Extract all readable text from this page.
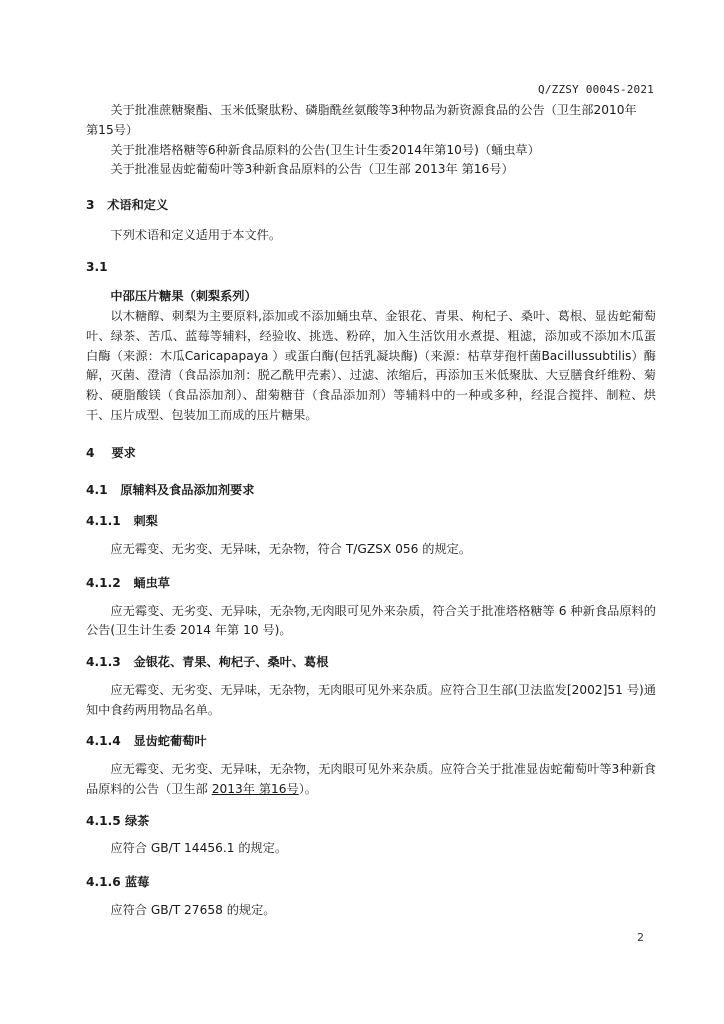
Q/ZZSY 0004S-2021

关于批准蔗糖聚酯、玉米低聚肽粉、磷脂酰丝氨酸等3种物品为新资源食品的公告（卫生部2010年

第15号）

关于批准塔格糖等6种新食品原料的公告(卫生计生委2014年第10号)（蛹虫草）

关于批准显齿蛇葡萄叶等3种新食品原料的公告（卫生部 2013年 第16号）

3 术语和定义

下列术语和定义适用于本文件。

3.1

中邵压片糖果（刺梨系列）

以木糖醇、刺梨为主要原料,添加或不添加蛹虫草、金银花、青果、枸杞子、桑叶、葛根、显齿蛇葡萄叶、绿茶、苦瓜、蓝莓等辅料，经验收、挑选、粉碎，加入生活饮用水煮提、粗滤，添加或不添加木瓜蛋白酶（来源：木瓜Caricapapaya ）或蛋白酶(包括乳凝块酶)（来源：枯草芽孢杆菌Bacillussubtilis）酶解，灭菌、澄清（食品添加剂：脱乙酰甲壳素）、过滤、浓缩后，再添加玉米低聚肽、大豆膳食纤维粉、菊粉、硬脂酸镁（食品添加剂）、甜菊糖苷（食品添加剂）等辅料中的一种或多种，经混合搅拌、制粒、烘干、压片成型、包装加工而成的压片糖果。

4 要求
4.1 原辅料及食品添加剂要求
4.1.1 刺梨

应无霉变、无劣变、无异味，无杂物，符合 T/GZSX 056 的规定。

4.1.2 蛹虫草

应无霉变、无劣变、无异味，无杂物,无肉眼可见外来杂质，符合关于批准塔格糖等 6 种新食品原料的公告(卫生计生委 2014 年第 10 号)。

4.1.3 金银花、青果、枸杞子、桑叶、葛根

应无霉变、无劣变、无异味，无杂物，无肉眼可见外来杂质。应符合卫生部(卫法监发[2002]51 号)通知中食药两用物品名单。

4.1.4 显齿蛇葡萄叶

应无霉变、无劣变、无异味，无杂物，无肉眼可见外来杂质。应符合关于批准显齿蛇葡萄叶等3种新食品原料的公告（卫生部 2013年 第16号）。

4.1.5 绿茶

应符合 GB/T 14456.1 的规定。

4.1.6 蓝莓

应符合 GB/T 27658 的规定。

2
